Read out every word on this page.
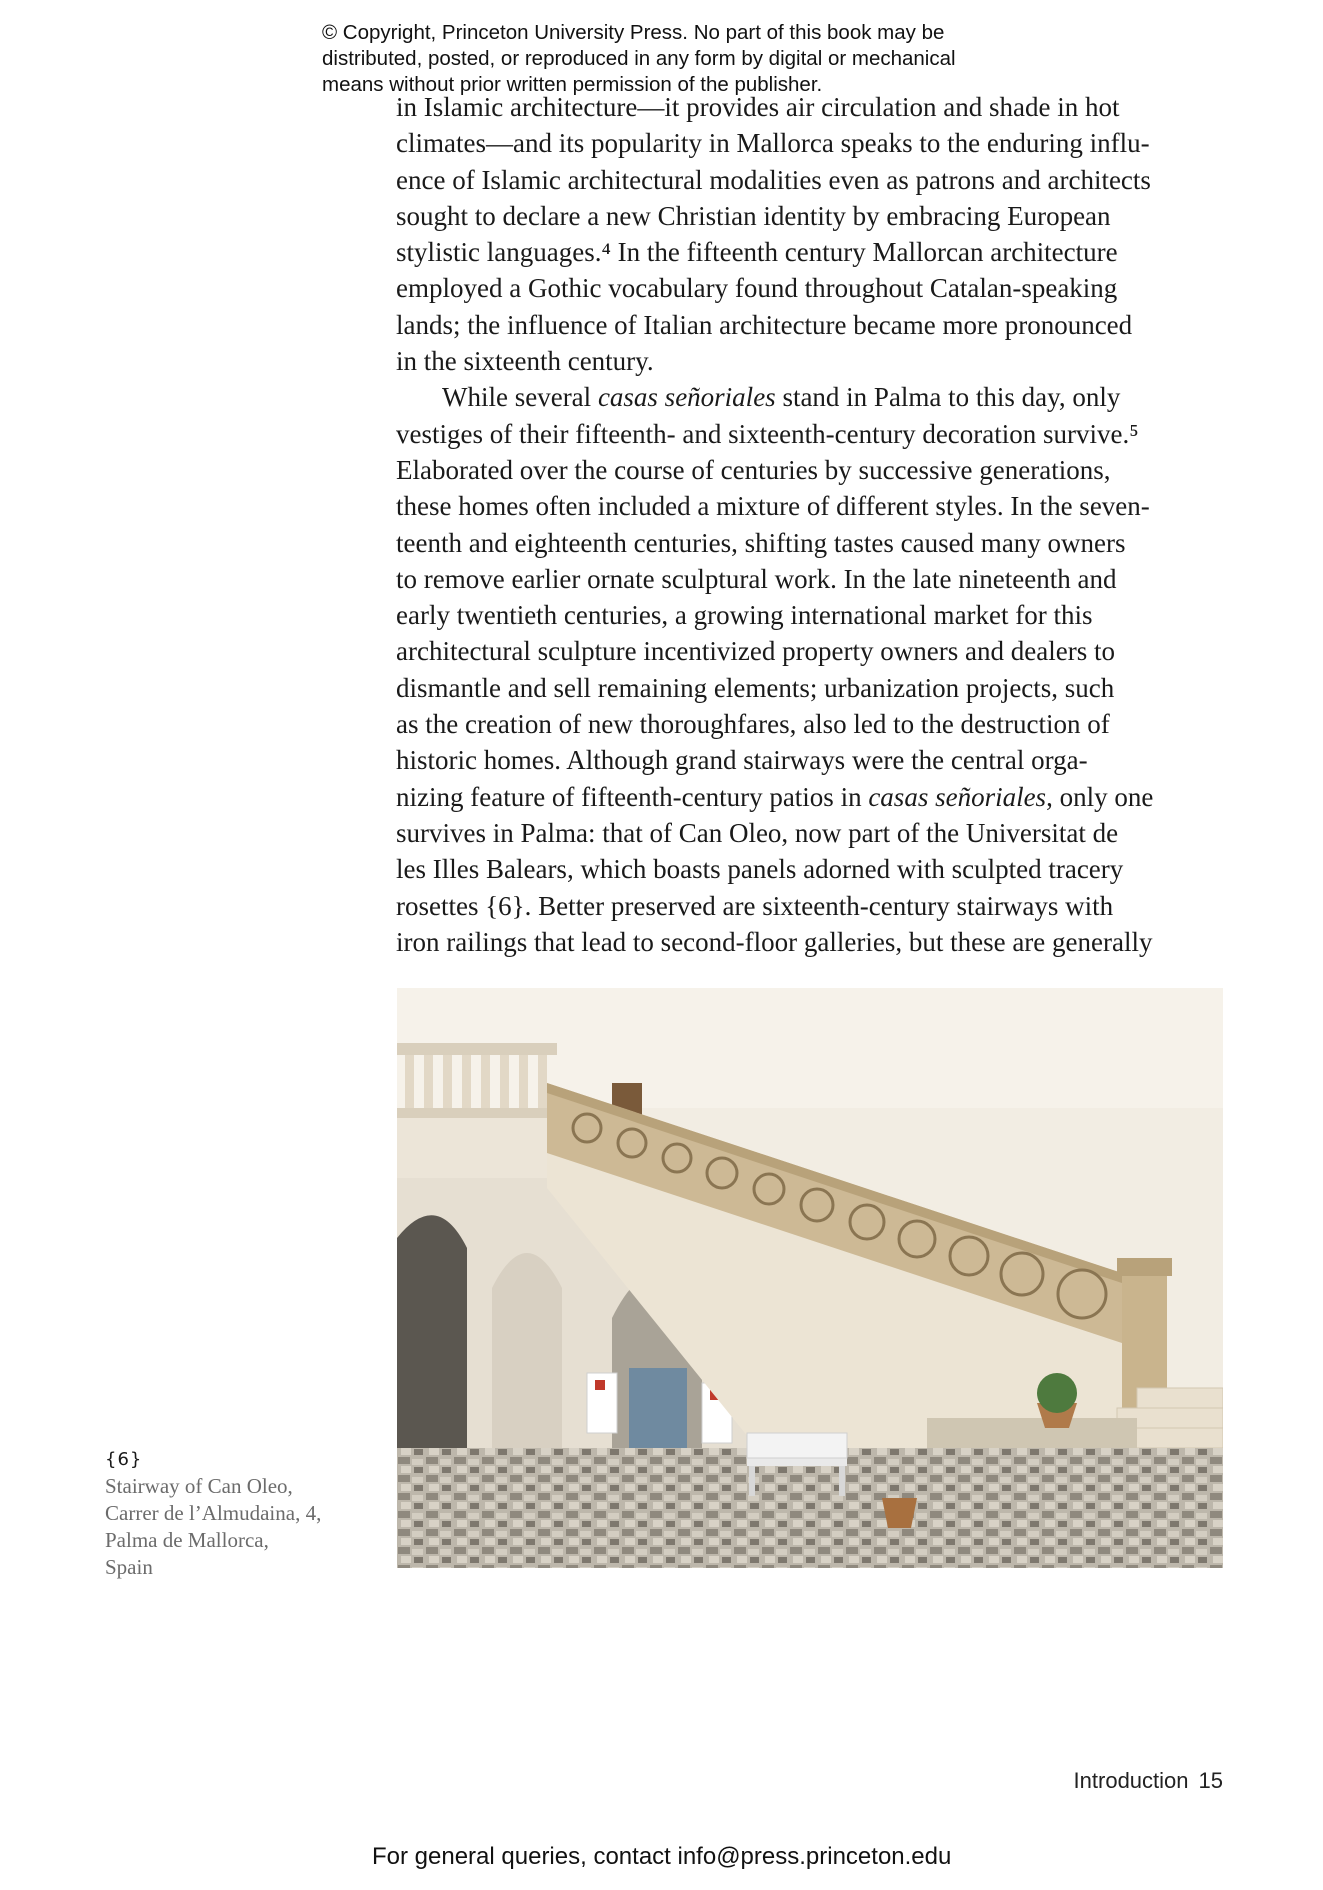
© Copyright, Princeton University Press. No part of this book may be
distributed, posted, or reproduced in any form by digital or mechanical
means without prior written permission of the publisher.

in Islamic architecture—it provides air circulation and shade in hot
climates—and its popularity in Mallorca speaks to the enduring influ-
ence of Islamic architectural modalities even as patrons and architects
sought to declare a new Christian identity by embracing European
stylistic languages.⁴ In the fifteenth century Mallorcan architecture
employed a Gothic vocabulary found throughout Catalan-speaking
lands; the influence of Italian architecture became more pronounced
in the sixteenth century.

While several casas señoriales stand in Palma to this day, only
vestiges of their fifteenth- and sixteenth-century decoration survive.⁵
Elaborated over the course of centuries by successive generations,
these homes often included a mixture of different styles. In the seven-
teenth and eighteenth centuries, shifting tastes caused many owners
to remove earlier ornate sculptural work. In the late nineteenth and
early twentieth centuries, a growing international market for this
architectural sculpture incentivized property owners and dealers to
dismantle and sell remaining elements; urbanization projects, such
as the creation of new thoroughfares, also led to the destruction of
historic homes. Although grand stairways were the central orga-
nizing feature of fifteenth-century patios in casas señoriales, only one
survives in Palma: that of Can Oleo, now part of the Universitat de
les Illes Balears, which boasts panels adorned with sculpted tracery
rosettes {6}. Better preserved are sixteenth-century stairways with
iron railings that lead to second-floor galleries, but these are generally

{6}
Stairway of Can Oleo,
Carrer de l’Almudaina, 4,
Palma de Mallorca,
Spain
Introduction 15
For general queries, contact info@press.princeton.edu
